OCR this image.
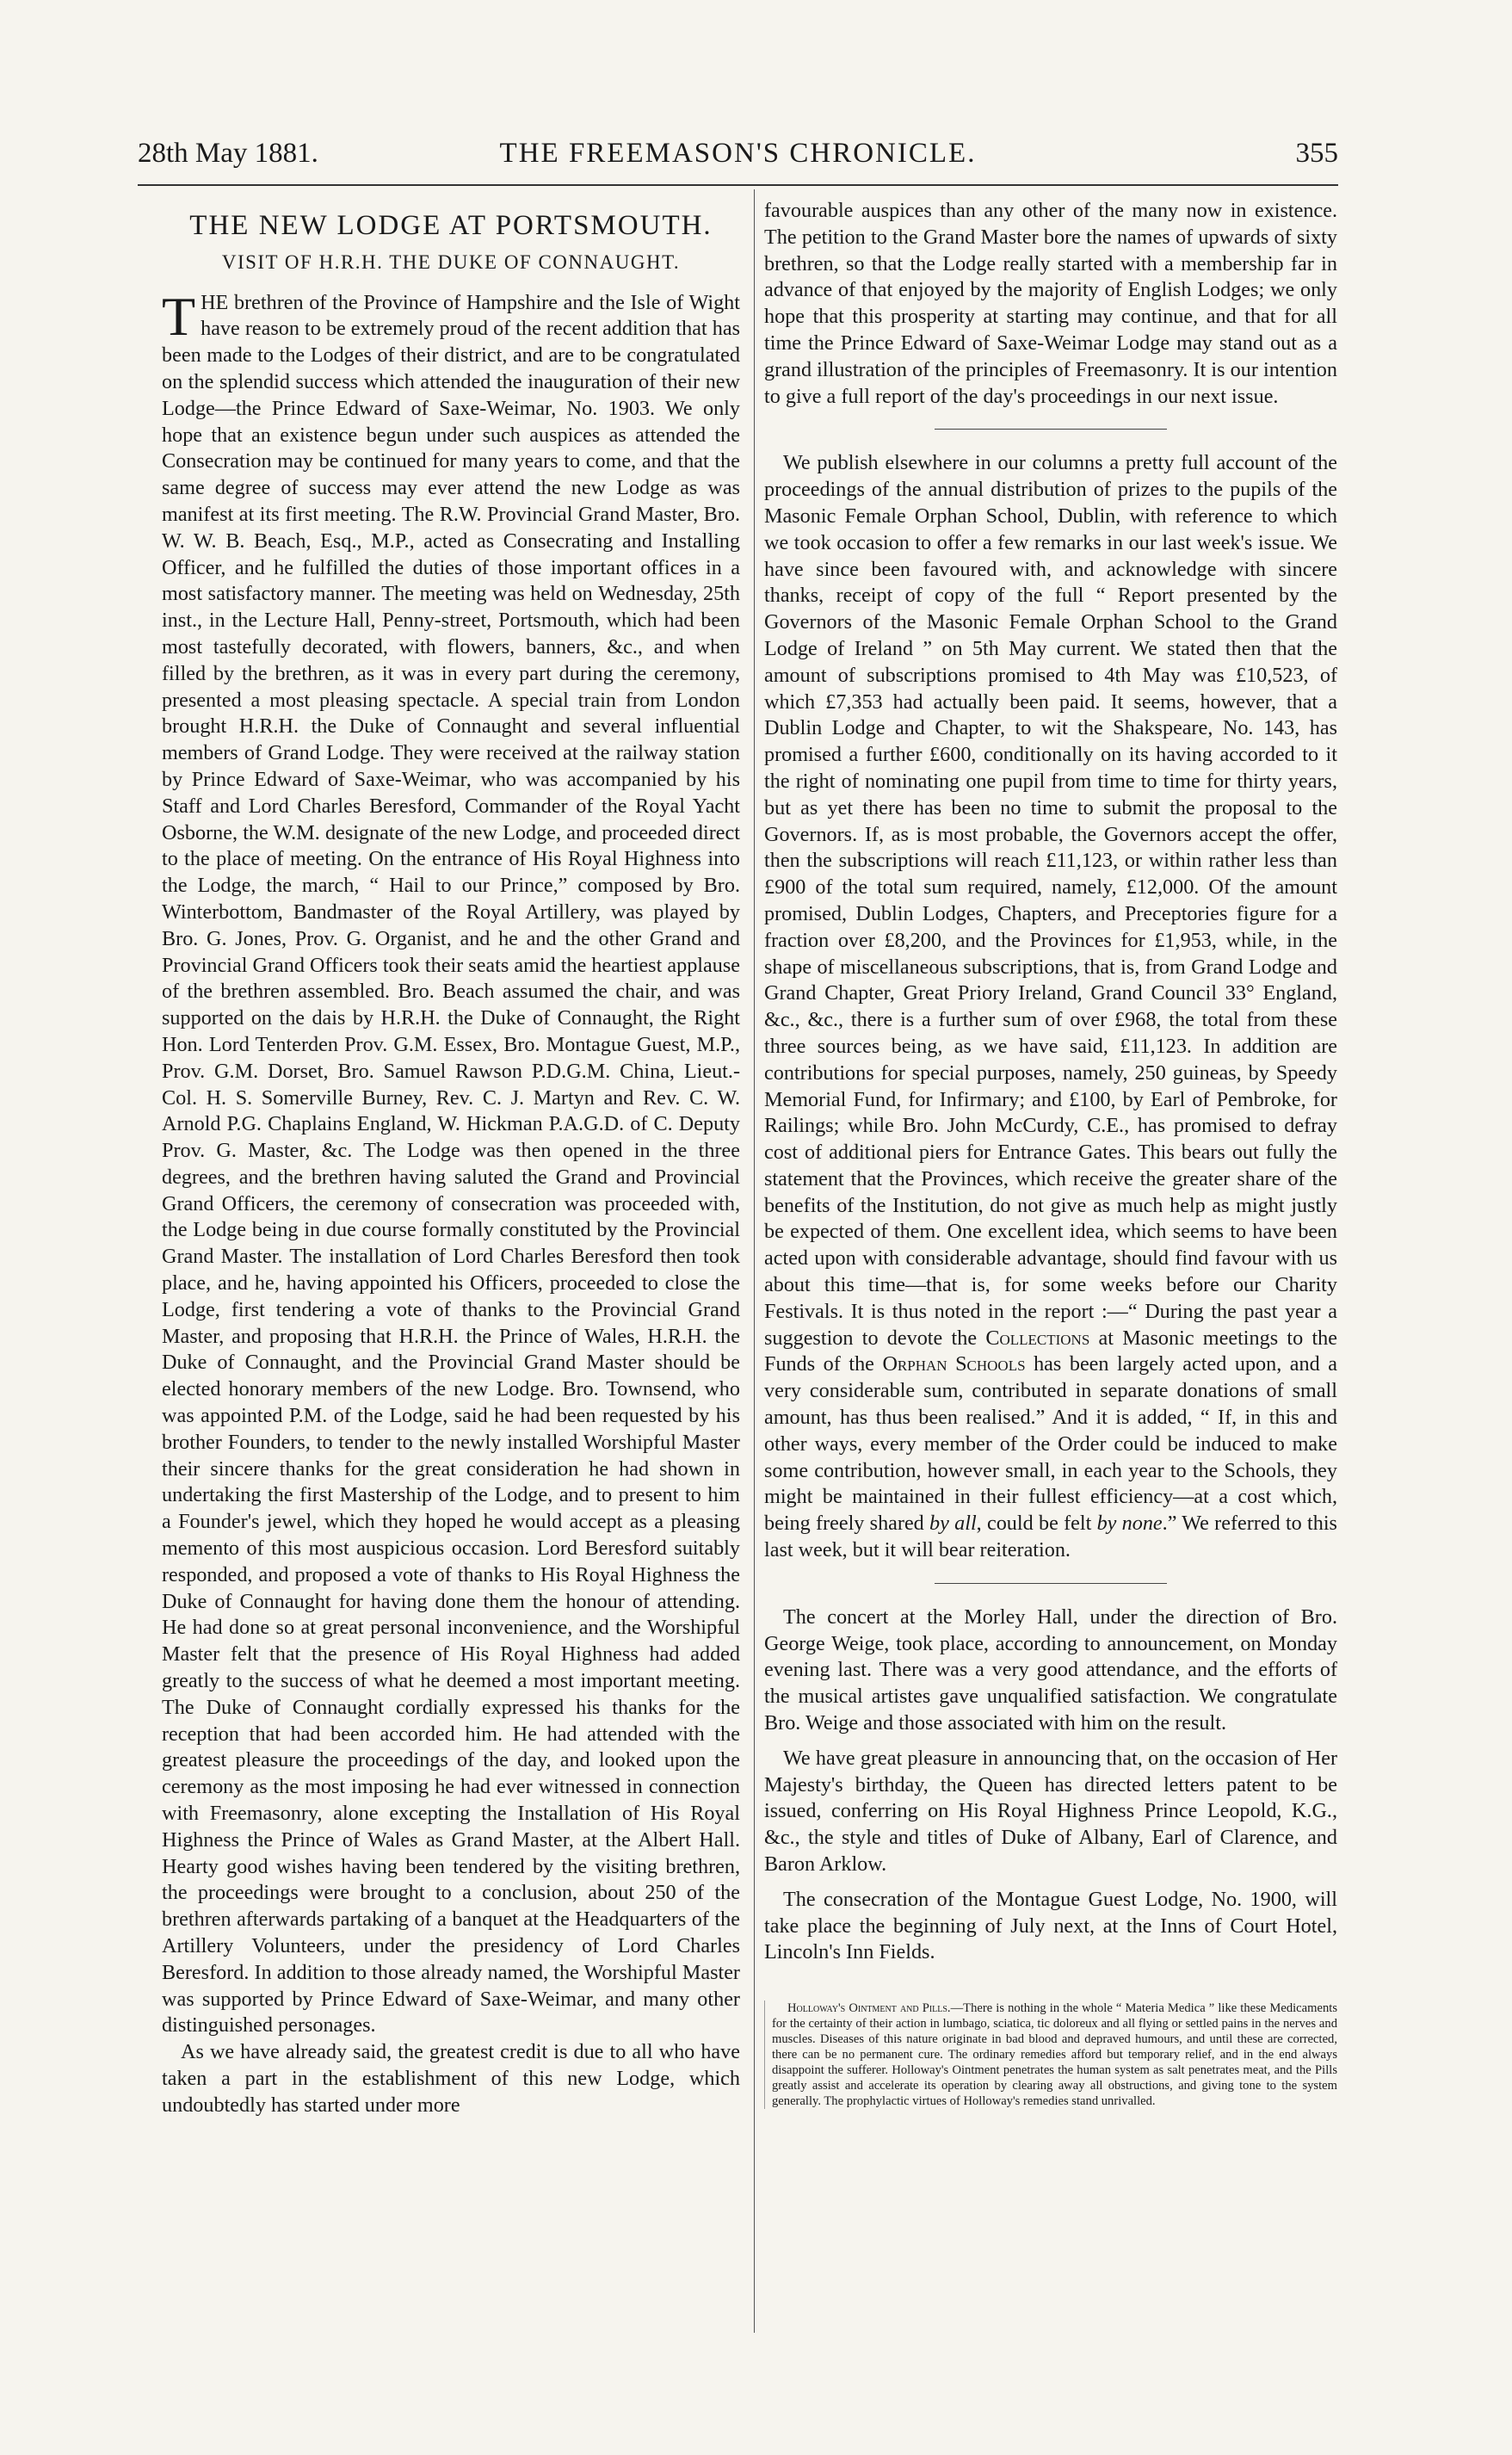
28th May 1881.	THE FREEMASON'S CHRONICLE.	355
THE NEW LODGE AT PORTSMOUTH.
VISIT OF H.R.H. THE DUKE OF CONNAUGHT.

THE brethren of the Province of Hampshire and the Isle of Wight have reason to be extremely proud of the recent addition that has been made to the Lodges of their district, and are to be congratulated on the splendid success which attended the inauguration of their new Lodge—the Prince Edward of Saxe-Weimar, No. 1903. We only hope that an existence begun under such auspices as attended the Consecration may be continued for many years to come, and that the same degree of success may ever attend the new Lodge as was manifest at its first meeting. The R.W. Provincial Grand Master, Bro. W. W. B. Beach, Esq., M.P., acted as Consecrating and Installing Officer, and he fulfilled the duties of those important offices in a most satisfactory manner. The meeting was held on Wednesday, 25th inst., in the Lecture Hall, Penny-street, Portsmouth, which had been most tastefully decorated, with flowers, banners, &c., and when filled by the brethren, as it was in every part during the ceremony, presented a most pleasing spectacle. A special train from London brought H.R.H. the Duke of Connaught and several influential members of Grand Lodge. They were received at the railway station by Prince Edward of Saxe-Weimar, who was accompanied by his Staff and Lord Charles Beresford, Commander of the Royal Yacht Osborne, the W.M. designate of the new Lodge, and proceeded direct to the place of meeting. On the entrance of His Royal Highness into the Lodge, the march, “ Hail to our Prince,” composed by Bro. Winterbottom, Bandmaster of the Royal Artillery, was played by Bro. G. Jones, Prov. G. Organist, and he and the other Grand and Provincial Grand Officers took their seats amid the heartiest applause of the brethren assembled. Bro. Beach assumed the chair, and was supported on the dais by H.R.H. the Duke of Connaught, the Right Hon. Lord Tenterden Prov. G.M. Essex, Bro. Montague Guest, M.P., Prov. G.M. Dorset, Bro. Samuel Rawson P.D.G.M. China, Lieut.-Col. H. S. Somerville Burney, Rev. C. J. Martyn and Rev. C. W. Arnold P.G. Chaplains England, W. Hickman P.A.G.D. of C. Deputy Prov. G. Master, &c. The Lodge was then opened in the three degrees, and the brethren having saluted the Grand and Provincial Grand Officers, the ceremony of consecration was proceeded with, the Lodge being in due course formally constituted by the Provincial Grand Master. The installation of Lord Charles Beresford then took place, and he, having appointed his Officers, proceeded to close the Lodge, first tendering a vote of thanks to the Provincial Grand Master, and proposing that H.R.H. the Prince of Wales, H.R.H. the Duke of Connaught, and the Provincial Grand Master should be elected honorary members of the new Lodge. Bro. Townsend, who was appointed P.M. of the Lodge, said he had been requested by his brother Founders, to tender to the newly installed Worshipful Master their sincere thanks for the great consideration he had shown in undertaking the first Mastership of the Lodge, and to present to him a Founder's jewel, which they hoped he would accept as a pleasing memento of this most auspicious occasion. Lord Beresford suitably responded, and proposed a vote of thanks to His Royal Highness the Duke of Connaught for having done them the honour of attending. He had done so at great personal inconvenience, and the Worshipful Master felt that the presence of His Royal Highness had added greatly to the success of what he deemed a most important meeting. The Duke of Connaught cordially expressed his thanks for the reception that had been accorded him. He had attended with the greatest pleasure the proceedings of the day, and looked upon the ceremony as the most imposing he had ever witnessed in connection with Freemasonry, alone excepting the Installation of His Royal Highness the Prince of Wales as Grand Master, at the Albert Hall. Hearty good wishes having been tendered by the visiting brethren, the proceedings were brought to a conclusion, about 250 of the brethren afterwards partaking of a banquet at the Headquarters of the Artillery Volunteers, under the presidency of Lord Charles Beresford. In addition to those already named, the Worshipful Master was supported by Prince Edward of Saxe-Weimar, and many other distinguished personages.

As we have already said, the greatest credit is due to all who have taken a part in the establishment of this new Lodge, which undoubtedly has started under more

favourable auspices than any other of the many now in existence. The petition to the Grand Master bore the names of upwards of sixty brethren, so that the Lodge really started with a membership far in advance of that enjoyed by the majority of English Lodges; we only hope that this prosperity at starting may continue, and that for all time the Prince Edward of Saxe-Weimar Lodge may stand out as a grand illustration of the principles of Freemasonry. It is our intention to give a full report of the day's proceedings in our next issue.

We publish elsewhere in our columns a pretty full account of the proceedings of the annual distribution of prizes to the pupils of the Masonic Female Orphan School, Dublin, with reference to which we took occasion to offer a few remarks in our last week's issue. We have since been favoured with, and acknowledge with sincere thanks, receipt of copy of the full “ Report presented by the Governors of the Masonic Female Orphan School to the Grand Lodge of Ireland ” on 5th May current. We stated then that the amount of subscriptions promised to 4th May was £10,523, of which £7,353 had actually been paid. It seems, however, that a Dublin Lodge and Chapter, to wit the Shakspeare, No. 143, has promised a further £600, conditionally on its having accorded to it the right of nominating one pupil from time to time for thirty years, but as yet there has been no time to submit the proposal to the Governors. If, as is most probable, the Governors accept the offer, then the subscriptions will reach £11,123, or within rather less than £900 of the total sum required, namely, £12,000. Of the amount promised, Dublin Lodges, Chapters, and Preceptories figure for a fraction over £8,200, and the Provinces for £1,953, while, in the shape of miscellaneous subscriptions, that is, from Grand Lodge and Grand Chapter, Great Priory Ireland, Grand Council 33° England, &c., &c., there is a further sum of over £968, the total from these three sources being, as we have said, £11,123. In addition are contributions for special purposes, namely, 250 guineas, by Speedy Memorial Fund, for Infirmary; and £100, by Earl of Pembroke, for Railings; while Bro. John McCurdy, C.E., has promised to defray cost of additional piers for Entrance Gates. This bears out fully the statement that the Provinces, which receive the greater share of the benefits of the Institution, do not give as much help as might justly be expected of them. One excellent idea, which seems to have been acted upon with considerable advantage, should find favour with us about this time—that is, for some weeks before our Charity Festivals. It is thus noted in the report :—“ During the past year a suggestion to devote the Collections at Masonic meetings to the Funds of the Orphan Schools has been largely acted upon, and a very considerable sum, contributed in separate donations of small amount, has thus been realised.” And it is added, “ If, in this and other ways, every member of the Order could be induced to make some contribution, however small, in each year to the Schools, they might be maintained in their fullest efficiency—at a cost which, being freely shared by all, could be felt by none.” We referred to this last week, but it will bear reiteration.

The concert at the Morley Hall, under the direction of Bro. George Weige, took place, according to announcement, on Monday evening last. There was a very good attendance, and the efforts of the musical artistes gave unqualified satisfaction. We congratulate Bro. Weige and those associated with him on the result.

We have great pleasure in announcing that, on the occasion of Her Majesty's birthday, the Queen has directed letters patent to be issued, conferring on His Royal Highness Prince Leopold, K.G., &c., the style and titles of Duke of Albany, Earl of Clarence, and Baron Arklow.

The consecration of the Montague Guest Lodge, No. 1900, will take place the beginning of July next, at the Inns of Court Hotel, Lincoln's Inn Fields.

Holloway's Ointment and Pills.—There is nothing in the whole “ Materia Medica ” like these Medicaments for the certainty of their action in lumbago, sciatica, tic doloreux and all flying or settled pains in the nerves and muscles. Diseases of this nature originate in bad blood and depraved humours, and until these are corrected, there can be no permanent cure. The ordinary remedies afford but temporary relief, and in the end always disappoint the sufferer. Holloway's Ointment penetrates the human system as salt penetrates meat, and the Pills greatly assist and accelerate its operation by clearing away all obstructions, and giving tone to the system generally. The prophylactic virtues of Holloway's remedies stand unrivalled.
